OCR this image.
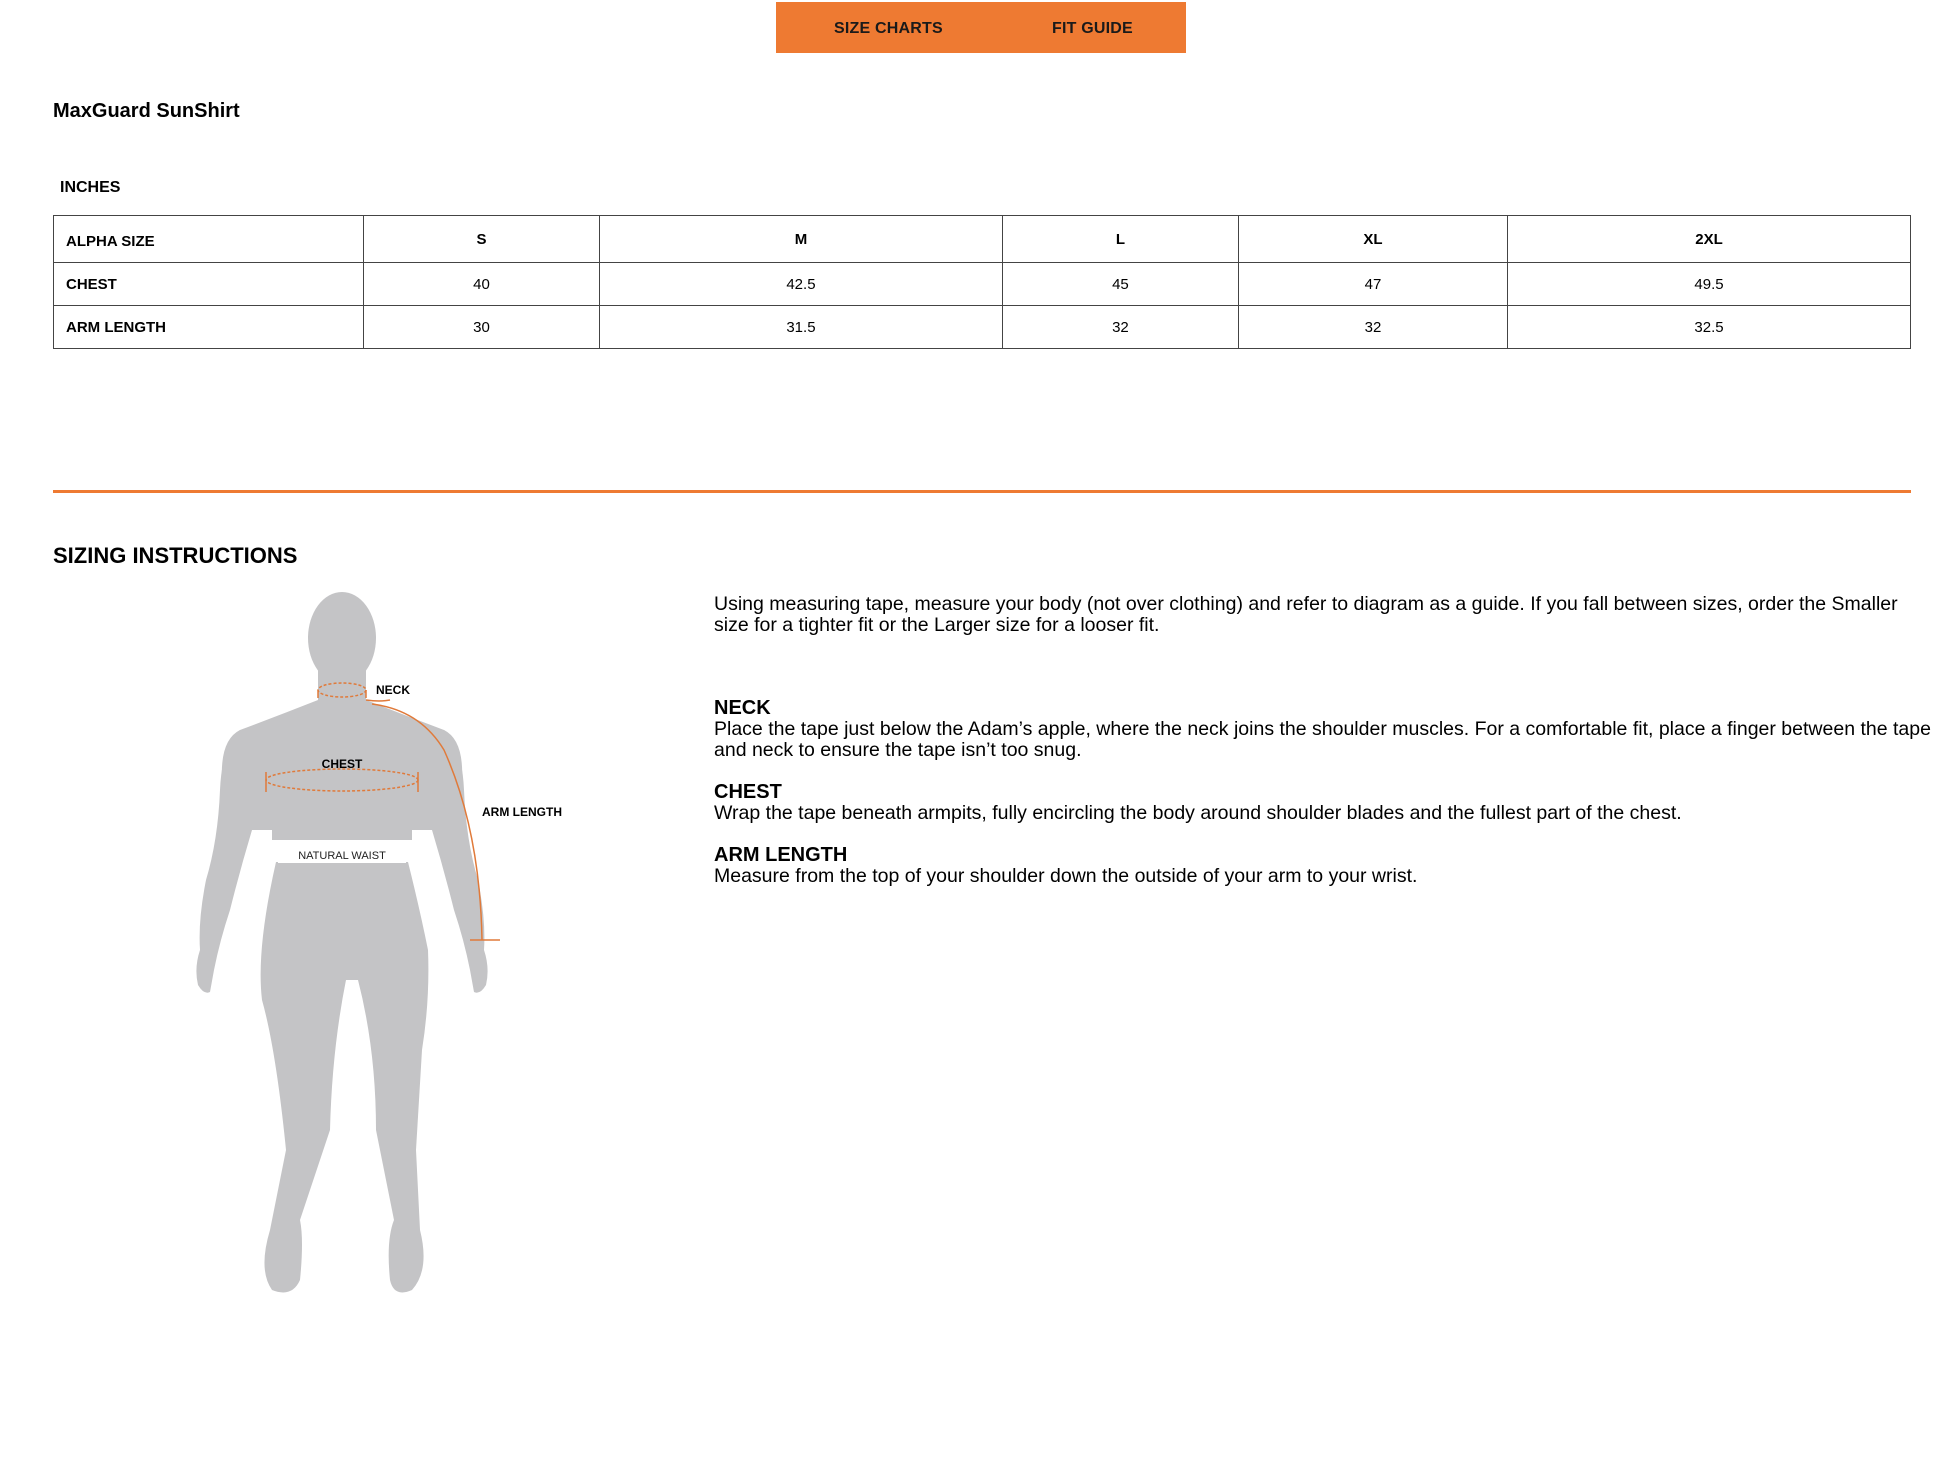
SIZE CHARTS	FIT GUIDE
MaxGuard SunShirt
INCHES
ALPHA SIZE	S	M	L	XL	2XL
CHEST	40	42.5	45	47	49.5
ARM LENGTH	30	31.5	32	32	32.5
SIZING INSTRUCTIONS
NATURAL WAIST
NECK
CHEST
ARM LENGTH

Using measuring tape, measure your body (not over clothing) and refer to diagram as a guide. If you fall between sizes, order the Smaller
size for a tighter fit or the Larger size for a looser fit.

NECK
Place the tape just below the Adam’s apple, where the neck joins the shoulder muscles. For a comfortable fit, place a finger between the tape and neck to ensure the tape isn’t too snug.

CHEST
Wrap the tape beneath armpits, fully encircling the body around shoulder blades and the fullest part of the chest.

ARM LENGTH
Measure from the top of your shoulder down the outside of your arm to your wrist.
